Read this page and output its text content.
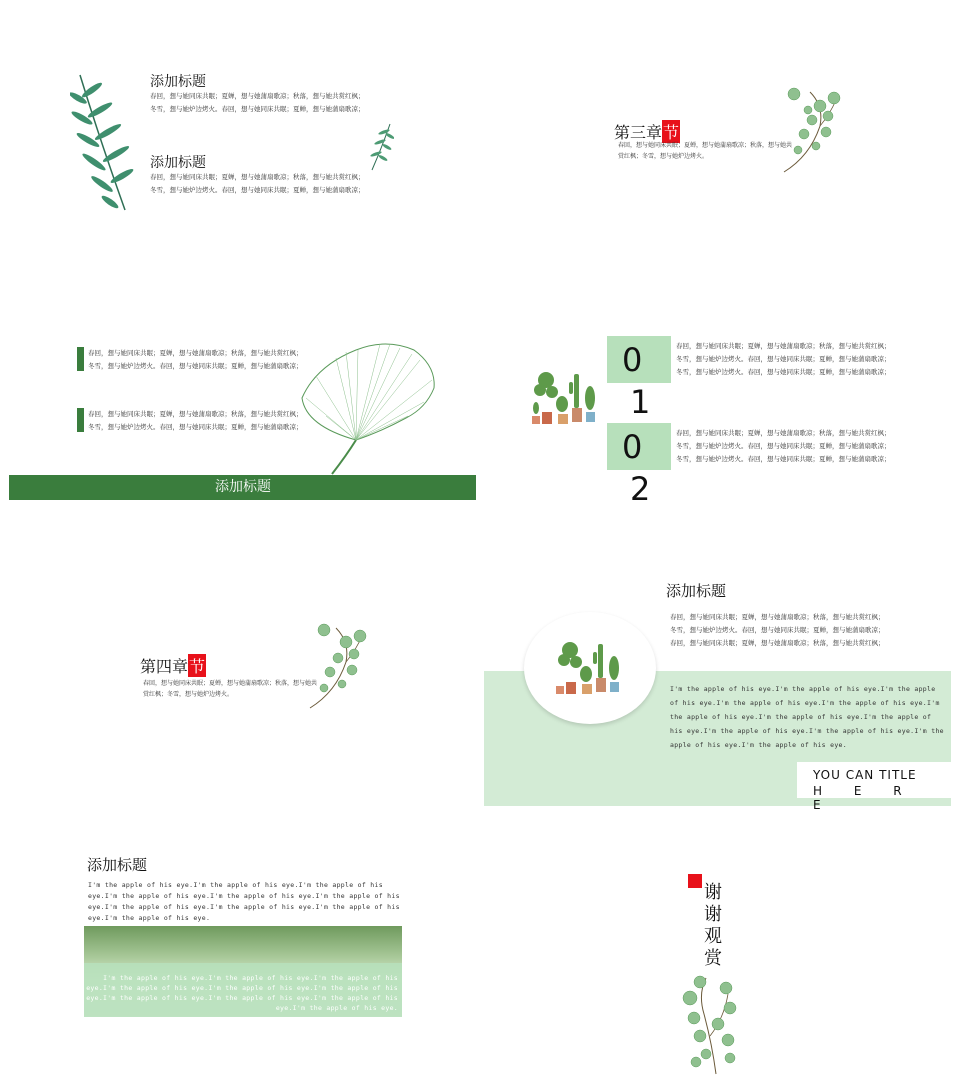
添加标题
春回，想与她同床共眠；夏蝉，想与她蒲扇歌凉；秋落，想与她共赏红枫；
冬雪，想与她炉边烤火。春回，想与她同床共眠；夏蝉，想与她蒲扇歌凉；
添加标题
春回，想与她同床共眠；夏蝉，想与她蒲扇歌凉；秋落，想与她共赏红枫；
冬雪，想与她炉边烤火。春回，想与她同床共眠；夏蝉，想与她蒲扇歌凉；
第三章节
春回，想与她同床共眠；夏蝉，想与她蒲扇歌凉；秋落，想与她共
赏红枫；冬雪，想与她炉边烤火。
春回，想与她同床共眠；夏蝉，想与她蒲扇歌凉；秋落，想与她共赏红枫；
冬雪，想与她炉边烤火。春回，想与她同床共眠；夏蝉，想与她蒲扇歌凉；
春回，想与她同床共眠；夏蝉，想与她蒲扇歌凉；秋落，想与她共赏红枫；
冬雪，想与她炉边烤火。春回，想与她同床共眠；夏蝉，想与她蒲扇歌凉；
添加标题
0
1
0
2
春回，想与她同床共眠；夏蝉，想与她蒲扇歌凉；秋落，想与她共赏红枫；
冬雪，想与她炉边烤火。春回，想与她同床共眠；夏蝉，想与她蒲扇歌凉；
冬雪，想与她炉边烤火。春回，想与她同床共眠；夏蝉，想与她蒲扇歌凉；
春回，想与她同床共眠；夏蝉，想与她蒲扇歌凉；秋落，想与她共赏红枫；
冬雪，想与她炉边烤火。春回，想与她同床共眠；夏蝉，想与她蒲扇歌凉；
冬雪，想与她炉边烤火。春回，想与她同床共眠；夏蝉，想与她蒲扇歌凉；
第四章节
春回，想与她同床共眠；夏蝉，想与她蒲扇歌凉；秋落，想与她共
赏红枫；冬雪，想与她炉边烤火。
添加标题
春回，想与她同床共眠；夏蝉，想与她蒲扇歌凉；秋落，想与她共赏红枫；
冬雪，想与她炉边烤火。春回，想与她同床共眠；夏蝉，想与她蒲扇歌凉；
春回，想与她同床共眠；夏蝉，想与她蒲扇歌凉；秋落，想与她共赏红枫；
I'm the apple of his eye.I'm the apple of his eye.I'm the apple
of his eye.I'm the apple of his eye.I'm the apple of his eye.I'm
the apple of his eye.I'm the apple of his eye.I'm the apple of
his eye.I'm the apple of his eye.I'm the apple of his eye.I'm the
apple of his eye.I'm the apple of his eye.
YOU CAN TITLE
H E R E
添加标题
I'm the apple of his eye.I'm the apple of his eye.I'm the apple of his
eye.I'm the apple of his eye.I'm the apple of his eye.I'm the apple of his
eye.I'm the apple of his eye.I'm the apple of his eye.I'm the apple of his
eye.I'm the apple of his eye.
I'm the apple of his eye.I'm the apple of his eye.I'm the apple of his
eye.I'm the apple of his eye.I'm the apple of his eye.I'm the apple of his
eye.I'm the apple of his eye.I'm the apple of his eye.I'm the apple of his
eye.I'm the apple of his eye.
谢
谢
观
赏
